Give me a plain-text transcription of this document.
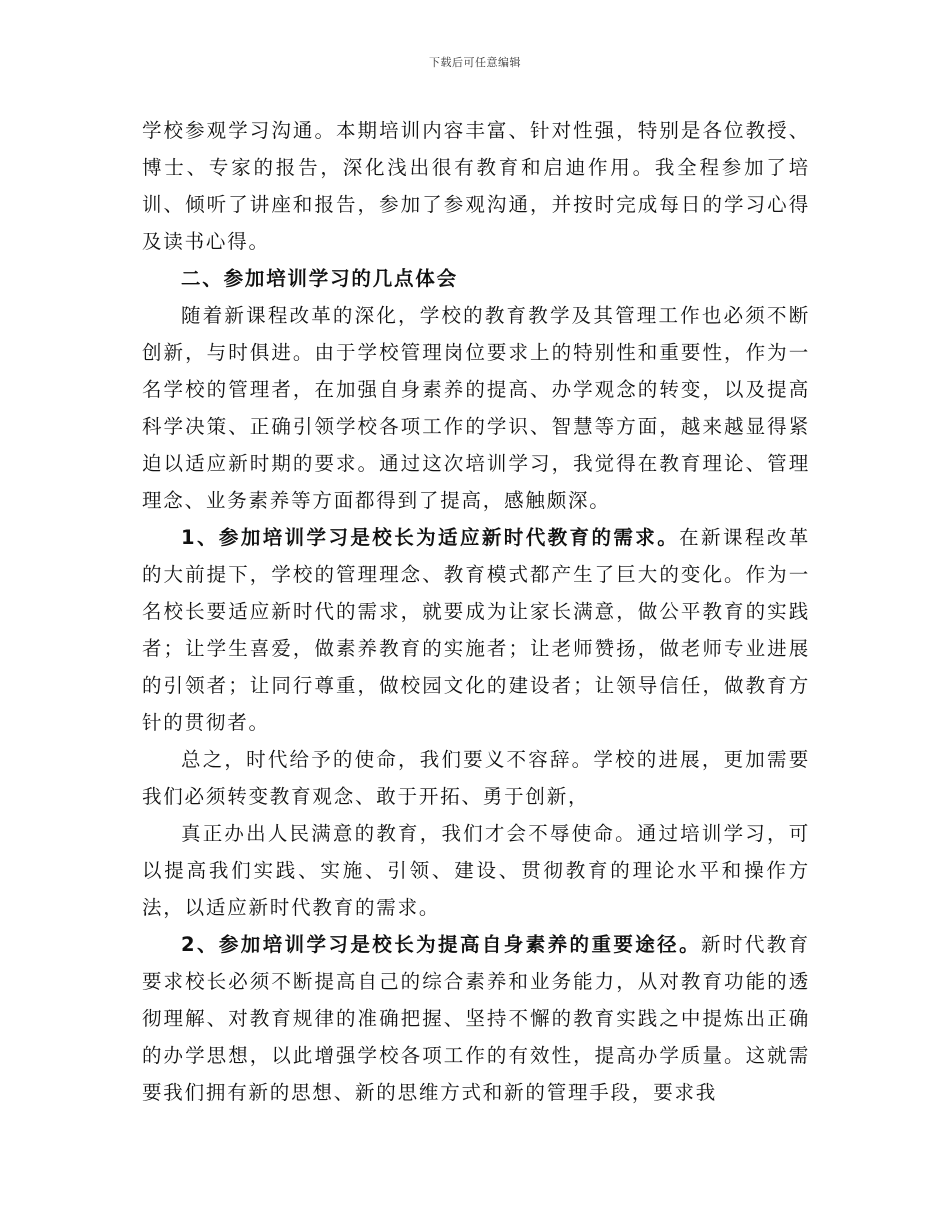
下载后可任意编辑

学校参观学习沟通。本期培训内容丰富、针对性强，特别是各位教授、博士、专家的报告，深化浅出很有教育和启迪作用。我全程参加了培训、倾听了讲座和报告，参加了参观沟通，并按时完成每日的学习心得及读书心得。

二、参加培训学习的几点体会

随着新课程改革的深化，学校的教育教学及其管理工作也必须不断创新，与时俱进。由于学校管理岗位要求上的特别性和重要性，作为一名学校的管理者，在加强自身素养的提高、办学观念的转变，以及提高科学决策、正确引领学校各项工作的学识、智慧等方面，越来越显得紧迫以适应新时期的要求。通过这次培训学习，我觉得在教育理论、管理理念、业务素养等方面都得到了提高，感触颇深。

1、参加培训学习是校长为适应新时代教育的需求。在新课程改革的大前提下，学校的管理理念、教育模式都产生了巨大的变化。作为一名校长要适应新时代的需求，就要成为让家长满意，做公平教育的实践者；让学生喜爱，做素养教育的实施者；让老师赞扬，做老师专业进展的引领者；让同行尊重，做校园文化的建设者；让领导信任，做教育方针的贯彻者。

总之，时代给予的使命，我们要义不容辞。学校的进展，更加需要我们必须转变教育观念、敢于开拓、勇于创新，

真正办出人民满意的教育，我们才会不辱使命。通过培训学习，可以提高我们实践、实施、引领、建设、贯彻教育的理论水平和操作方法，以适应新时代教育的需求。

2、参加培训学习是校长为提高自身素养的重要途径。新时代教育要求校长必须不断提高自己的综合素养和业务能力，从对教育功能的透彻理解、对教育规律的准确把握、坚持不懈的教育实践之中提炼出正确的办学思想，以此增强学校各项工作的有效性，提高办学质量。这就需要我们拥有新的思想、新的思维方式和新的管理手段，要求我
